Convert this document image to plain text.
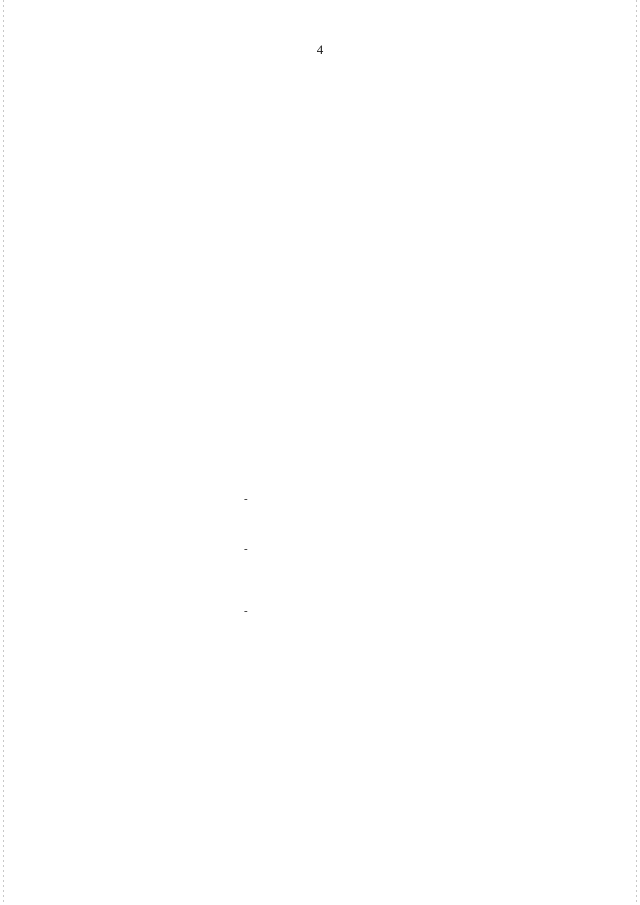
4

-
-
-
